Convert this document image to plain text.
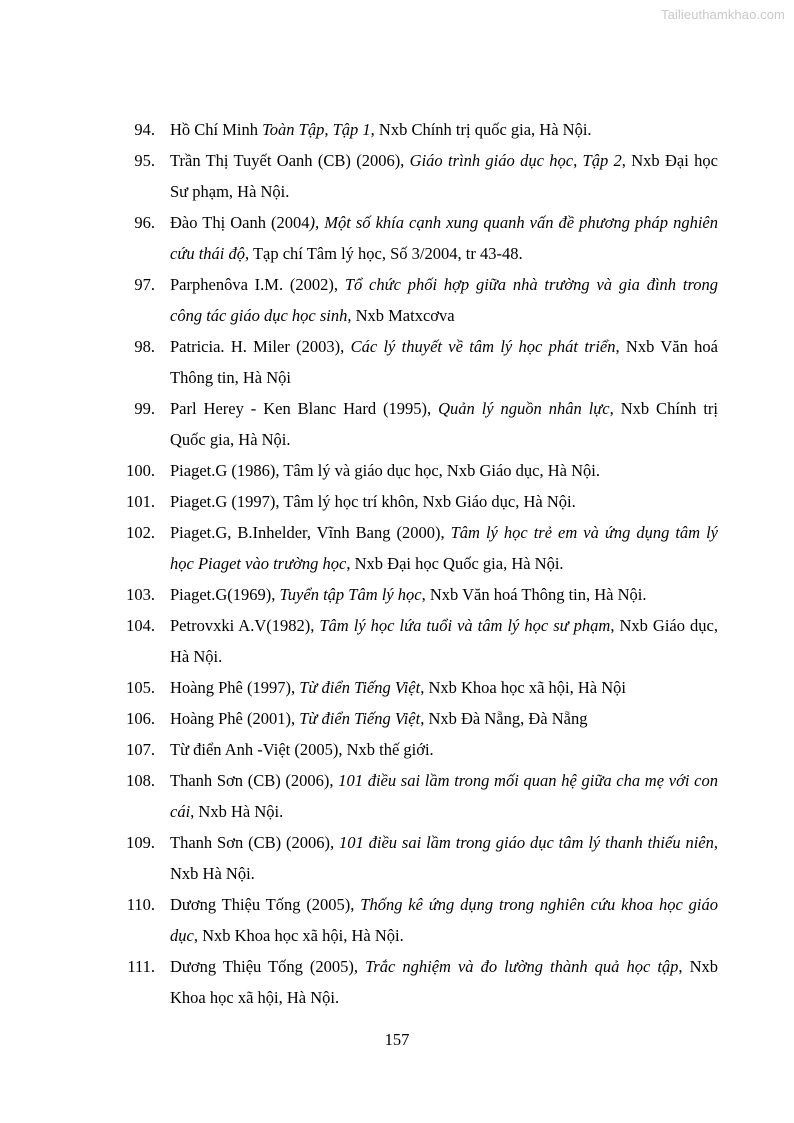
Tailieuthamkhao.com
94. Hồ Chí Minh Toàn Tập, Tập 1, Nxb Chính trị quốc gia, Hà Nội.
95. Trần Thị Tuyết Oanh (CB) (2006), Giáo trình giáo dục học, Tập 2, Nxb Đại học Sư phạm, Hà Nội.
96. Đào Thị Oanh (2004), Một số khía cạnh xung quanh vấn đề phương pháp nghiên cứu thái độ, Tạp chí Tâm lý học, Số 3/2004, tr 43-48.
97. Parphenôva I.M. (2002), Tổ chức phối hợp giữa nhà trường và gia đình trong công tác giáo dục học sinh, Nxb Matxcơva
98. Patricia. H. Miler (2003), Các lý thuyết về tâm lý học phát triển, Nxb Văn hoá Thông tin, Hà Nội
99. Parl Herey - Ken Blanc Hard (1995), Quản lý nguồn nhân lực, Nxb Chính trị Quốc gia, Hà Nội.
100. Piaget.G (1986), Tâm lý và giáo dục học, Nxb Giáo dục, Hà Nội.
101. Piaget.G (1997), Tâm lý học trí khôn, Nxb Giáo dục, Hà Nội.
102. Piaget.G, B.Inhelder, Vĩnh Bang (2000), Tâm lý học trẻ em và ứng dụng tâm lý học Piaget vào trường học, Nxb Đại học Quốc gia, Hà Nội.
103. Piaget.G(1969), Tuyển tập Tâm lý học, Nxb Văn hoá Thông tin, Hà Nội.
104. Petrovxki A.V(1982), Tâm lý học lứa tuổi và tâm lý học sư phạm, Nxb Giáo dục, Hà Nội.
105. Hoàng Phê (1997), Từ điển Tiếng Việt, Nxb Khoa học xã hội, Hà Nội
106. Hoàng Phê (2001), Từ điển Tiếng Việt, Nxb Đà Nẵng, Đà Nẵng
107. Từ điển Anh -Việt (2005), Nxb thế giới.
108. Thanh Sơn (CB) (2006), 101 điều sai lầm trong mối quan hệ giữa cha mẹ với con cái, Nxb Hà Nội.
109. Thanh Sơn (CB) (2006), 101 điều sai lầm trong giáo dục tâm lý thanh thiếu niên, Nxb Hà Nội.
110. Dương Thiệu Tống (2005), Thống kê ứng dụng trong nghiên cứu khoa học giáo dục, Nxb Khoa học xã hội, Hà Nội.
111. Dương Thiệu Tống (2005), Trắc nghiệm và đo lường thành quả học tập, Nxb Khoa học xã hội, Hà Nội.
157
